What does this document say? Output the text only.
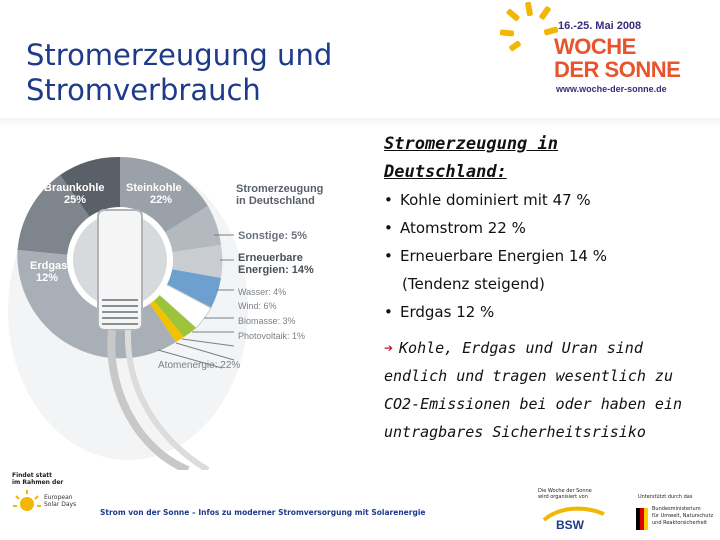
Stromerzeugung und
Stromverbrauch
16.-25. Mai 2008
WOCHE
DER SONNE
www.woche-der-sonne.de
Braunkohle
25%
Steinkohle
22%
Erdgas
12%
Stromerzeugung
in Deutschland
Sonstige: 5%
Erneuerbare
Energien: 14%
Wasser: 4%
Wind: 6%
Biomasse: 3%
Photovoltaik: 1%
Atomenergie: 22%
Stromerzeugung in
Deutschland:
• Kohle dominiert mit 47 %
• Atomstrom 22 %
• Erneuerbare Energien 14 %
(Tendenz steigend)
• Erdgas 12 %
➔ Kohle, Erdgas und Uran sind
endlich und tragen wesentlich zu
CO2-Emissionen bei oder haben ein
untragbares Sicherheitsrisiko
Findet statt
im Rahmen der
European
Solar Days
Strom von der Sonne – Infos zu moderner Stromversorgung mit Solarenergie
Die Woche der Sonne
wird organisiert von
BSW
Unterstützt durch das
Bundesministerium
für Umwelt, Naturschutz
und Reaktorsicherheit
